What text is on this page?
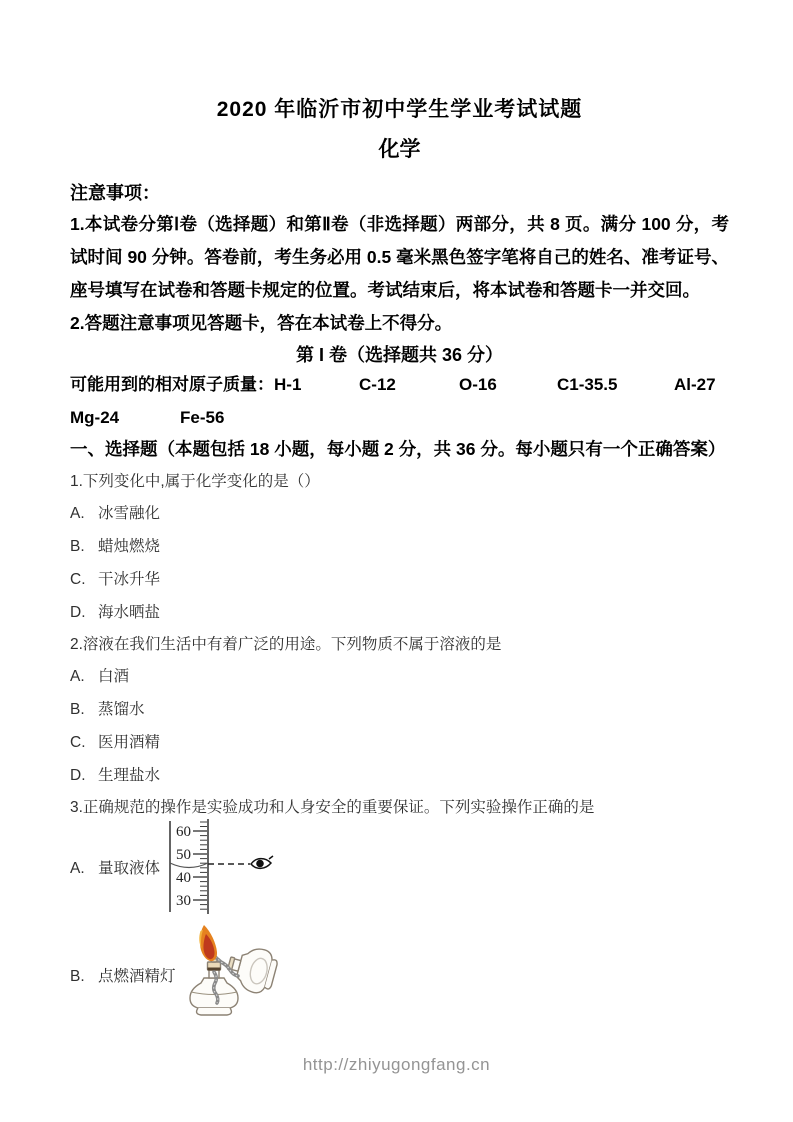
2020 年临沂市初中学生学业考试试题
化学

注意事项：

1.本试卷分第Ⅰ卷（选择题）和第Ⅱ卷（非选择题）两部分，共 8 页。满分 100 分，考试时间 90 分钟。答卷前，考生务必用 0.5 毫米黑色签字笔将自己的姓名、准考证号、座号填写在试卷和答题卡规定的位置。考试结束后，将本试卷和答题卡一并交回。

2.答题注意事项见答题卡，答在本试卷上不得分。

第 I 卷（选择题共 36 分）

可能用到的相对原子质量： H-1	C-12	O-16	C1-35.5	Al-27
Mg-24	Fe-56

一、选择题（本题包括 18 小题，每小题 2 分，共 36 分。每小题只有一个正确答案）

1.下列变化中,属于化学变化的是（）

A. 冰雪融化

B. 蜡烛燃烧

C. 干冰升华

D. 海水晒盐

2.溶液在我们生活中有着广泛的用途。下列物质不属于溶液的是

A. 白酒

B. 蒸馏水

C. 医用酒精

D. 生理盐水

3.正确规范的操作是实验成功和人身安全的重要保证。下列实验操作正确的是

A. 量取液体
60
50
40
30
B. 点燃酒精灯

http://zhiyugongfang.cn
